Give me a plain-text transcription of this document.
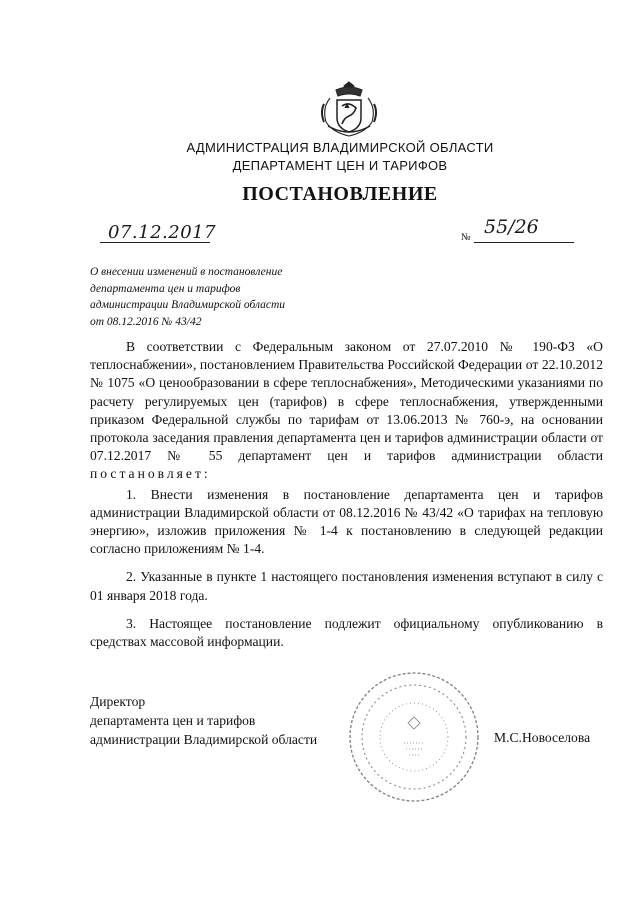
АДМИНИСТРАЦИЯ ВЛАДИМИРСКОЙ ОБЛАСТИ
ДЕПАРТАМЕНТ ЦЕН И ТАРИФОВ
ПОСТАНОВЛЕНИЕ
07.12.2017	№ 55/26
О внесении изменений в постановление
департамента цен и тарифов
администрации Владимирской области
от 08.12.2016 № 43/42

В соответствии с Федеральным законом от 27.07.2010 № 190-ФЗ «О теплоснабжении», постановлением Правительства Российской Федерации от 22.10.2012 № 1075 «О ценообразовании в сфере теплоснабжения», Методическими указаниями по расчету регулируемых цен (тарифов) в сфере теплоснабжения, утвержденными приказом Федеральной службы по тарифам от 13.06.2013 № 760-э, на основании протокола заседания правления департамента цен и тарифов администрации области от 07.12.2017 № 55 департамент цен и тарифов администрации области постановляет:

1. Внести изменения в постановление департамента цен и тарифов администрации Владимирской области от 08.12.2016 № 43/42 «О тарифах на тепловую энергию», изложив приложения № 1-4 к постановлению в следующей редакции согласно приложениям № 1-4.

2. Указанные в пункте 1 настоящего постановления изменения вступают в силу с 01 января 2018 года.

3. Настоящее постановление подлежит официальному опубликованию в средствах массовой информации.

Директор
департамента цен и тарифов
администрации Владимирской области	М.С.Новоселова
